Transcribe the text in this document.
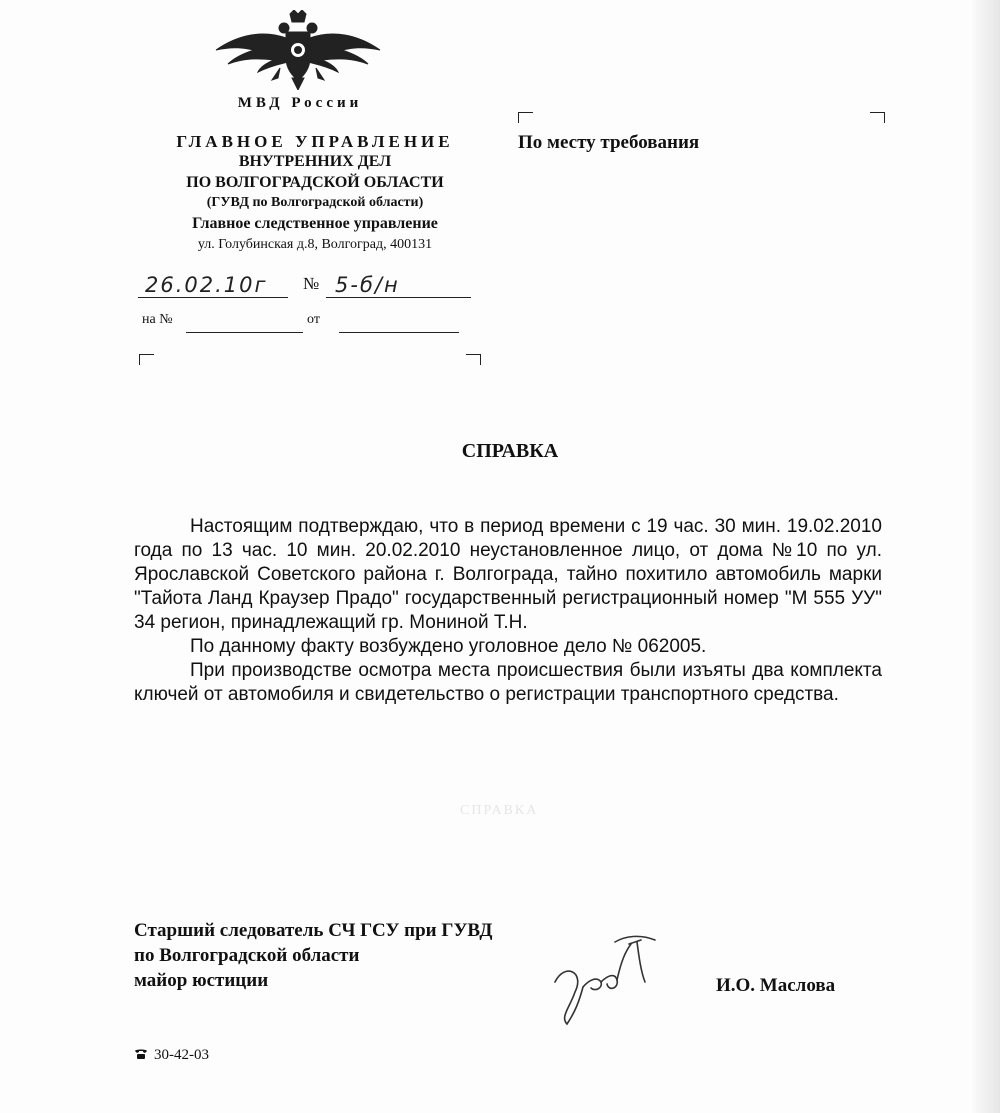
МВД России
ГЛАВНОЕ УПРАВЛЕНИЕ
ВНУТРЕННИХ ДЕЛ
ПО ВОЛГОГРАДСКОЙ ОБЛАСТИ
(ГУВД по Волгоградской области)
Главное следственное управление
ул. Голубинская д.8, Волгоград, 400131
26.02.10г № 5-б/н
на №	от
По месту требования
СПРАВКА

Настоящим подтверждаю, что в период времени с 19 час. 30 мин. 19.02.2010 года по 13 час. 10 мин. 20.02.2010 неустановленное лицо, от дома №10 по ул. Ярославской Советского района г. Волгограда, тайно похитило автомобиль марки "Тайота Ланд Краузер Прадо" государственный регистрационный номер "М 555 УУ" 34 регион, принадлежащий гр. Мониной Т.Н.

По данному факту возбуждено уголовное дело № 062005.

При производстве осмотра места происшествия были изъяты два комплекта ключей от автомобиля и свидетельство о регистрации транспортного средства.

СПРАВКА
Старший следователь СЧ ГСУ при ГУВД
по Волгоградской области
майор юстиции	И.О. Маслова
30-42-03
